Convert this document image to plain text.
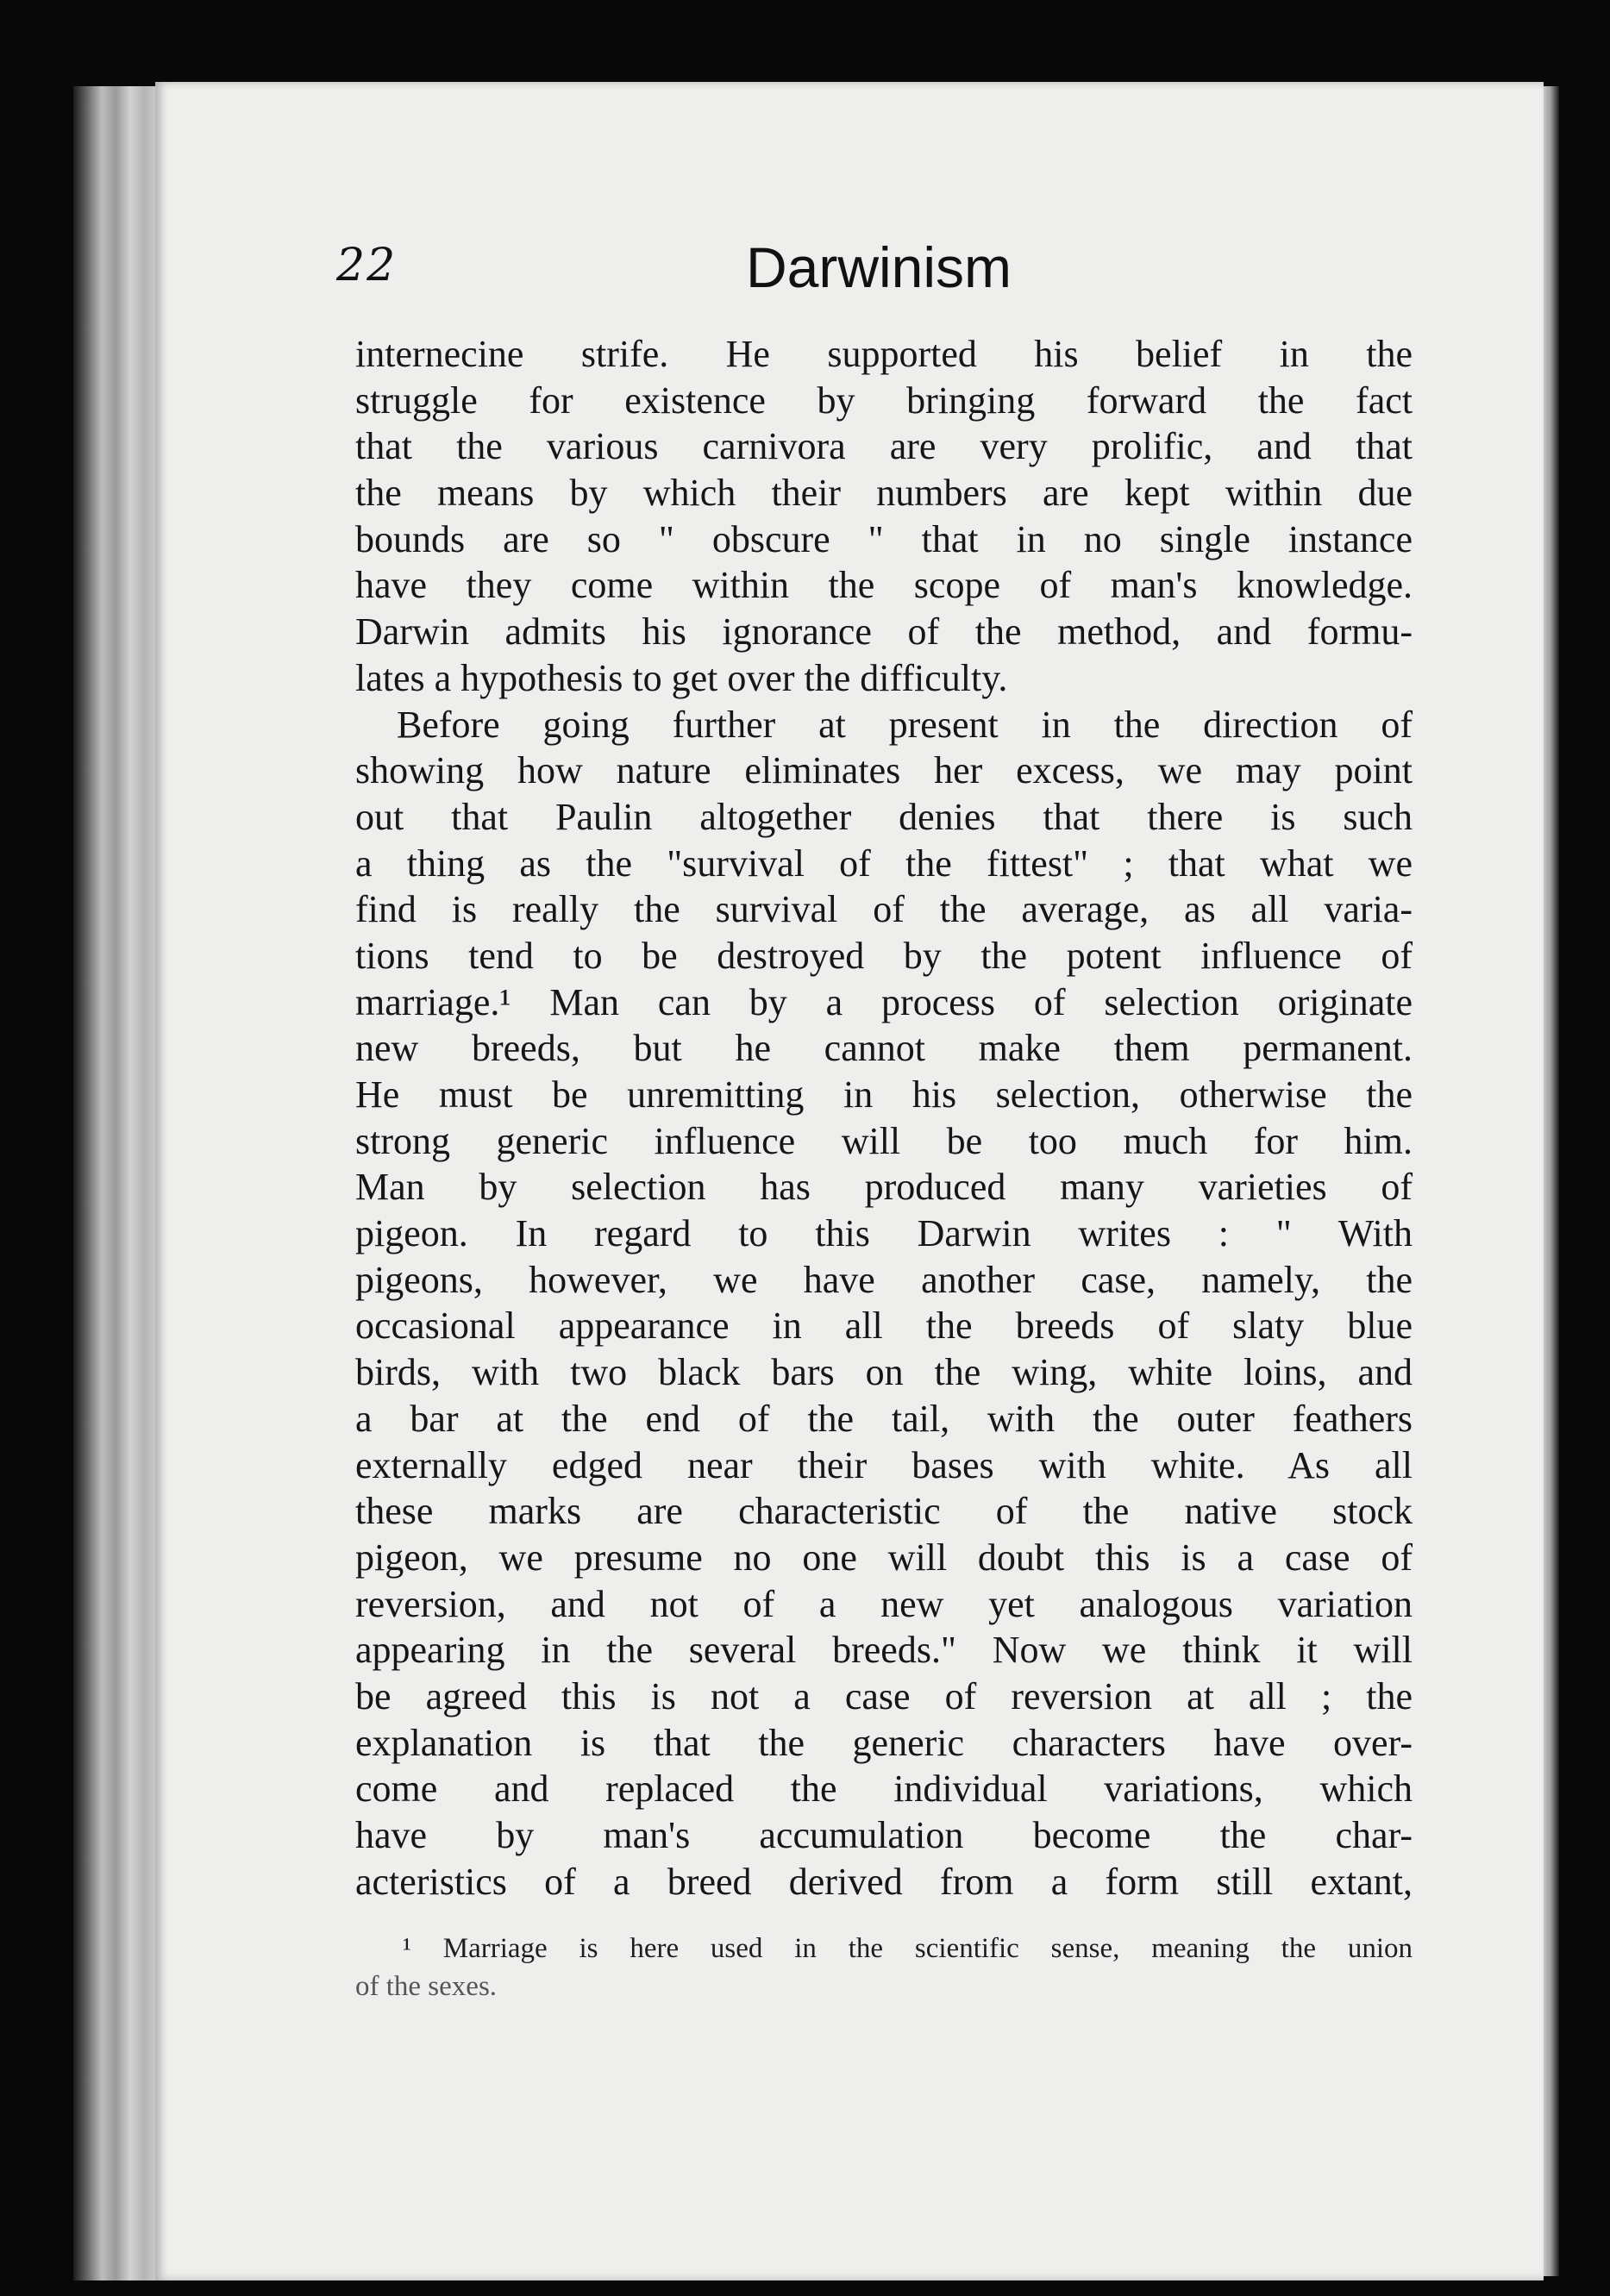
22	Darwinism
internecine strife. He supported his belief in the
struggle for existence by bringing forward the fact
that the various carnivora are very prolific, and that
the means by which their numbers are kept within due
bounds are so " obscure " that in no single instance
have they come within the scope of man's knowledge.
Darwin admits his ignorance of the method, and formu-
lates a hypothesis to get over the difficulty.
Before going further at present in the direction of
showing how nature eliminates her excess, we may point
out that Paulin altogether denies that there is such
a thing as the "survival of the fittest" ; that what we
find is really the survival of the average, as all varia-
tions tend to be destroyed by the potent influence of
marriage.¹ Man can by a process of selection originate
new breeds, but he cannot make them permanent.
He must be unremitting in his selection, otherwise the
strong generic influence will be too much for him.
Man by selection has produced many varieties of
pigeon. In regard to this Darwin writes : " With
pigeons, however, we have another case, namely, the
occasional appearance in all the breeds of slaty blue
birds, with two black bars on the wing, white loins, and
a bar at the end of the tail, with the outer feathers
externally edged near their bases with white. As all
these marks are characteristic of the native stock
pigeon, we presume no one will doubt this is a case of
reversion, and not of a new yet analogous variation
appearing in the several breeds." Now we think it will
be agreed this is not a case of reversion at all ; the
explanation is that the generic characters have over-
come and replaced the individual variations, which
have by man's accumulation become the char-
acteristics of a breed derived from a form still extant,
¹ Marriage is here used in the scientific sense, meaning the union
of the sexes.
